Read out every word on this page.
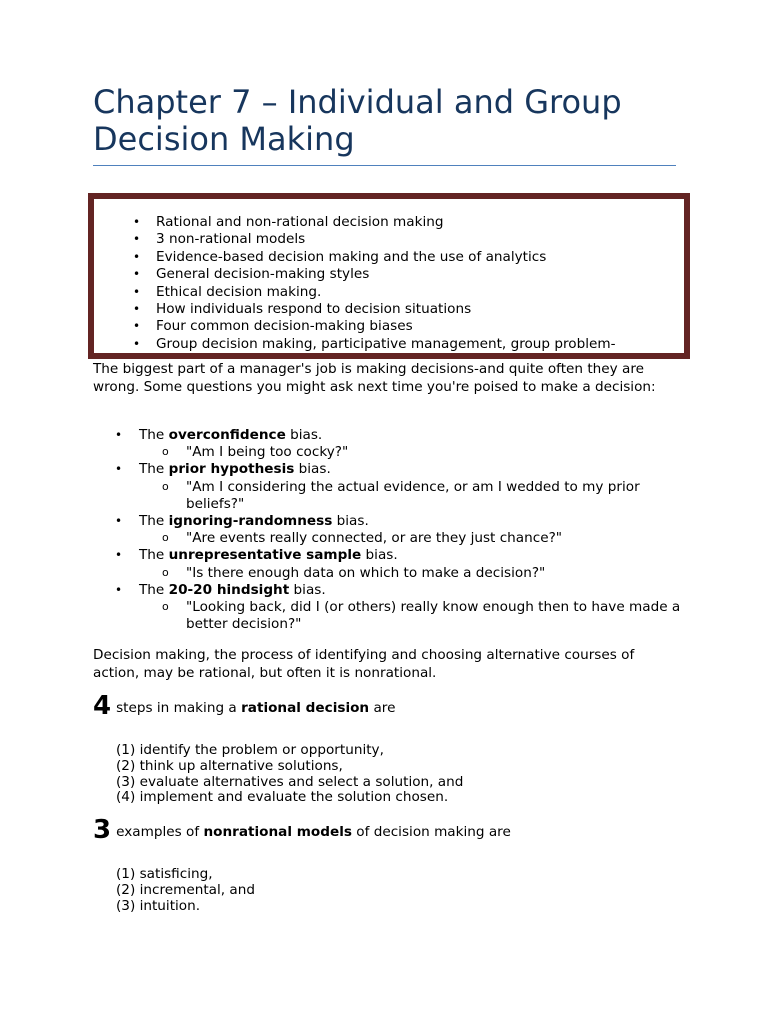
Chapter 7 – Individual and Group Decision Making
• Rational and non-rational decision making
• 3 non-rational models
• Evidence-based decision making and the use of analytics
• General decision-making styles
• Ethical decision making.
• How individuals respond to decision situations
• Four common decision-making biases
• Group decision making, participative management, group problem-

The biggest part of a manager's job is making decisions-and quite often they are wrong. Some questions you might ask next time you're poised to make a decision:

• The overconfidence bias.
o "Am I being too cocky?"
• The prior hypothesis bias.
o "Am I considering the actual evidence, or am I wedded to my prior beliefs?"
• The ignoring-randomness bias.
o "Are events really connected, or are they just chance?"
• The unrepresentative sample bias.
o "Is there enough data on which to make a decision?"
• The 20-20 hindsight bias.
o "Looking back, did I (or others) really know enough then to have made a better decision?"

Decision making, the process of identifying and choosing alternative courses of action, may be rational, but often it is nonrational.

4 steps in making a rational decision are

(1) identify the problem or opportunity,
(2) think up alternative solutions,
(3) evaluate alternatives and select a solution, and
(4) implement and evaluate the solution chosen.

3 examples of nonrational models of decision making are

(1) satisficing,
(2) incremental, and
(3) intuition.
